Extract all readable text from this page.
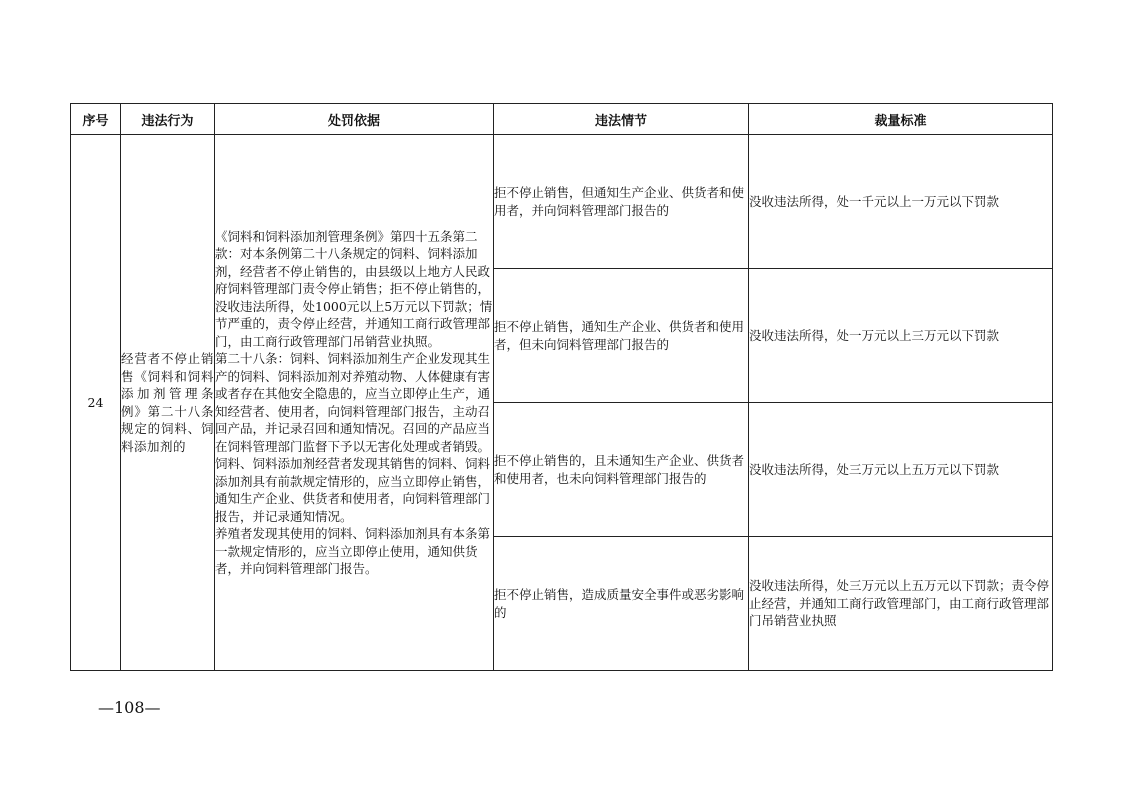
序号	违法行为	处罚依据	违法情节	裁量标准
24	经营者不停止销售《饲料和饲料添加剂管理条例》第二十八条规定的饲料、饲料添加剂的	《饲料和饲料添加剂管理条例》第四十五条第二款：对本条例第二十八条规定的饲料、饲料添加剂，经营者不停止销售的，由县级以上地方人民政府饲料管理部门责令停止销售；拒不停止销售的，没收违法所得，处1000元以上5万元以下罚款；情节严重的，责令停止经营，并通知工商行政管理部门，由工商行政管理部门吊销营业执照。

第二十八条：饲料、饲料添加剂生产企业发现其生产的饲料、饲料添加剂对养殖动物、人体健康有害或者存在其他安全隐患的，应当立即停止生产，通知经营者、使用者，向饲料管理部门报告，主动召回产品，并记录召回和通知情况。召回的产品应当在饲料管理部门监督下予以无害化处理或者销毁。

饲料、饲料添加剂经营者发现其销售的饲料、饲料添加剂具有前款规定情形的，应当立即停止销售，通知生产企业、供货者和使用者，向饲料管理部门报告，并记录通知情况。

养殖者发现其使用的饲料、饲料添加剂具有本条第一款规定情形的，应当立即停止使用，通知供货者，并向饲料管理部门报告。	拒不停止销售，但通知生产企业、供货者和使用者，并向饲料管理部门报告的	没收违法所得，处一千元以上一万元以下罚款
			拒不停止销售，通知生产企业、供货者和使用者，但未向饲料管理部门报告的	没收违法所得，处一万元以上三万元以下罚款
			拒不停止销售的，且未通知生产企业、供货者和使用者，也未向饲料管理部门报告的	没收违法所得，处三万元以上五万元以下罚款
			拒不停止销售，造成质量安全事件或恶劣影响的	没收违法所得，处三万元以上五万元以下罚款；责令停止经营，并通知工商行政管理部门，由工商行政管理部门吊销营业执照
—108—
